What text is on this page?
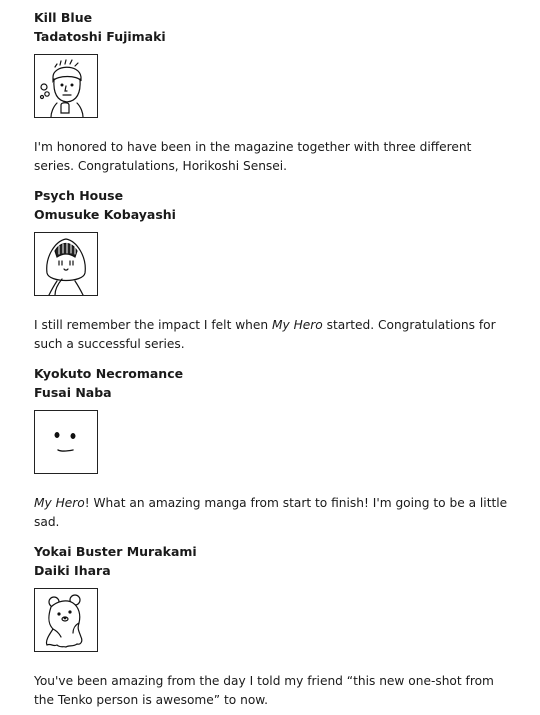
Kill Blue

Tadatoshi Fujimaki

I'm honored to have been in the magazine together with three different series. Congratulations, Horikoshi Sensei.

Psych House

Omusuke Kobayashi

I still remember the impact I felt when My Hero started. Congratulations for such a successful series.

Kyokuto Necromance

Fusai Naba

My Hero! What an amazing manga from start to finish! I'm going to be a little sad.

Yokai Buster Murakami

Daiki Ihara

You've been amazing from the day I told my friend “this new one-shot from the Tenko person is awesome” to now.
